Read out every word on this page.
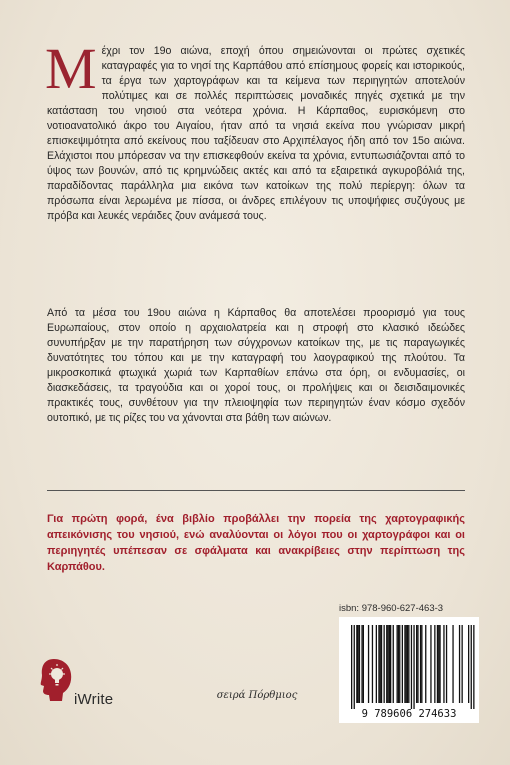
Μέχρι τον 19ο αιώνα, εποχή όπου σημειώνονται οι πρώτες σχετικές καταγραφές για το νησί της Καρπάθου από επίσημους φορείς και ιστορικούς, τα έργα των χαρτογράφων και τα κείμενα των περιηγητών αποτελούν πολύτιμες και σε πολλές περιπτώσεις μοναδικές πηγές σχετικά με την κατάσταση του νησιού στα νεότερα χρόνια. Η Κάρπαθος, ευρισκόμενη στο νοτιοανατολικό άκρο του Αιγαίου, ήταν από τα νησιά εκείνα που γνώρισαν μικρή επισκεψιμότητα από εκείνους που ταξίδευαν στο Αρχιπέλαγος ήδη από τον 15ο αιώνα. Ελάχιστοι που μπόρεσαν να την επισκεφθούν εκείνα τα χρόνια, εντυπωσιάζονται από το ύψος των βουνών, από τις κρημνώδεις ακτές και από τα εξαιρετικά αγκυροβόλιά της, παραδίδοντας παράλληλα μια εικόνα των κατοίκων της πολύ περίεργη: όλων τα πρόσωπα είναι λερωμένα με πίσσα, οι άνδρες επιλέγουν τις υποψήφιες συζύγους με πρόβα και λευκές νεράιδες ζουν ανάμεσά τους.

Από τα μέσα του 19ου αιώνα η Κάρπαθος θα αποτελέσει προορισμό για τους Ευρωπαίους, στον οποίο η αρχαιολατρεία και η στροφή στο κλασικό ιδεώδες συνυπήρξαν με την παρατήρηση των σύγχρονων κατοίκων της, με τις παραγωγικές δυνατότητες του τόπου και με την καταγραφή του λαογραφικού της πλούτου. Τα μικροσκοπικά φτωχικά χωριά των Καρπαθίων επάνω στα όρη, οι ενδυμασίες, οι διασκεδάσεις, τα τραγούδια και οι χοροί τους, οι προλήψεις και οι δεισιδαιμονικές πρακτικές τους, συνθέτουν για την πλειοψηφία των περιηγητών έναν κόσμο σχεδόν ουτοπικό, με τις ρίζες του να χάνονται στα βάθη των αιώνων.

Για πρώτη φορά, ένα βιβλίο προβάλλει την πορεία της χαρτογραφικής απεικόνισης του νησιού, ενώ αναλύονται οι λόγοι που οι χαρτογράφοι και οι περιηγητές υπέπεσαν σε σφάλματα και ανακρίβειες στην περίπτωση της Καρπάθου.

iWrite	σειρά Πόρθμιος
isbn: 978-960-627-463-3
9 789606 274633
